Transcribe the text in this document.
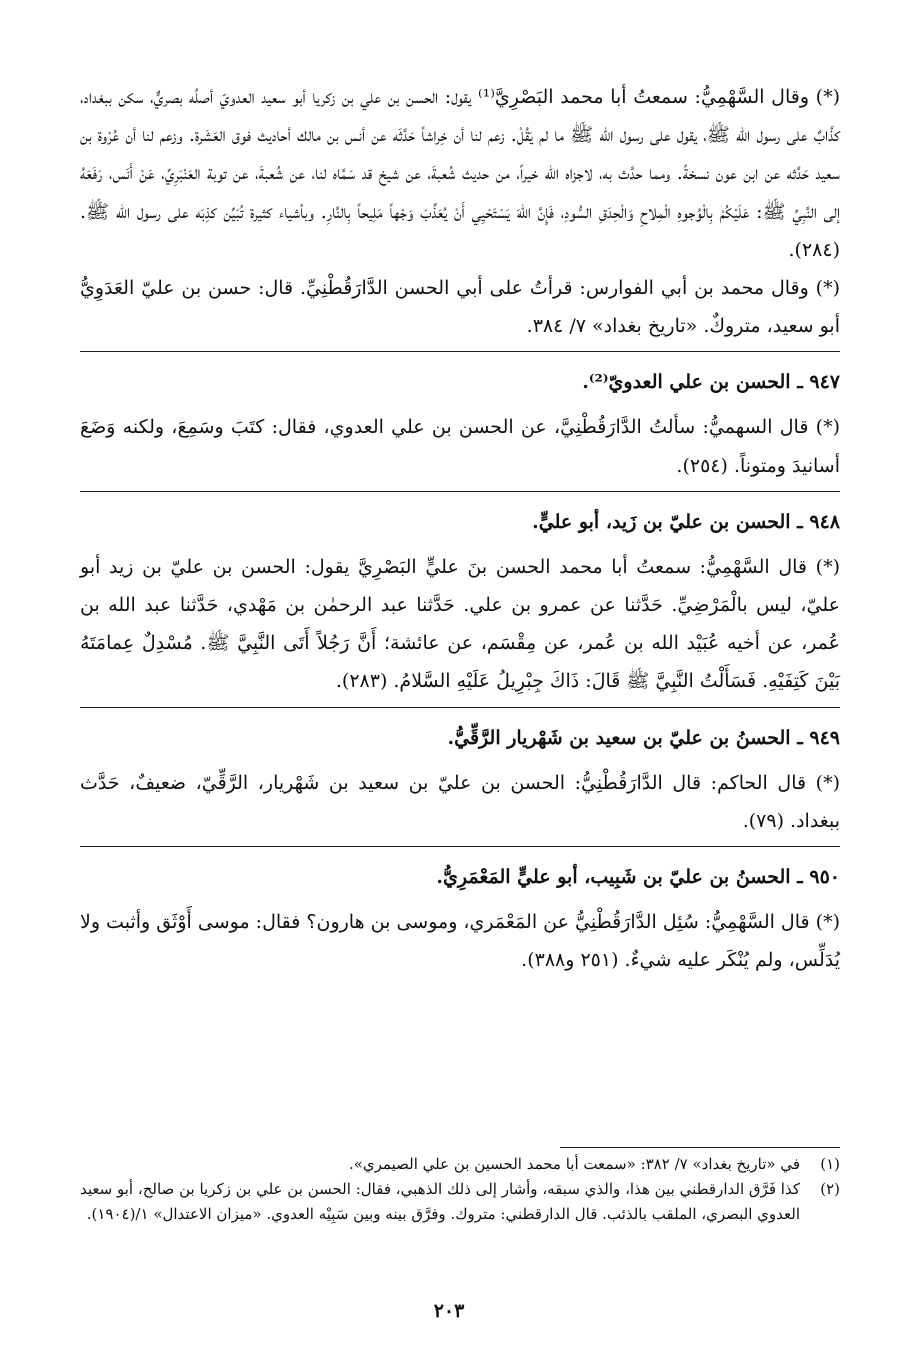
(*) وقال السَّهْمِيُّ: سمعتُ أبا محمد البَصْرِيَّ⁽¹⁾ يقول: الحسن بن علي بن زكريا أبو سعيد العدويّ أصلُه بصريٌّ، سكن ببغداد، كذَّابٌ على رسول الله ﷺ، يقول على رسول الله ﷺ ما لم يَقُلْ. زعم لنا أن خِراشاً حَدَّثَه عن أنس بن مالك أحاديث فوق العَشَرة. وزعم لنا أن عُرْوة بن سعيد حَدَّثه عن ابن عون نسخةً. ومما حدَّث به، لاجزاه الله خيراً، من حديث شُعبةَ، عن شيخ قد سَمَّاه لنا، عن شُعبةَ، عن توبة العَنْبَرِيِّ، عَنْ أَنَس، رَفَعَهُ إلى النَّبِيِّ ﷺ: عَلَيْكُمْ بِالْوُجوهِ الْمِلاحِ وَالْحِدَقِ السُّودِ، فَإِنَّ اللهَ يَسْتَحْيِي أَنْ يُعَذِّبَ وَجْهاً مَلِيحاً بِالنَّارِ. وبأشياء كثيرة تُبَيِّن كذِبَه على رسول الله ﷺ. (٢٨٤).

(*) وقال محمد بن أبي الفوارس: قرأتُ على أبي الحسن الدَّارَقُطْنِيِّ. قال: حسن بن عليّ العَدَوِيُّ أبو سعيد، متروكٌ. «تاريخ بغداد» ٧/ ٣٨٤.

٩٤٧ ـ الحسن بن علي العدويّ⁽²⁾.

(*) قال السهميُّ: سألتُ الدَّارَقُطْنِيَّ، عن الحسن بن علي العدوي، فقال: كتَبَ وسَمِعَ، ولكنه وَضَعَ أسانيدَ ومتوناً. (٢٥٤).

٩٤٨ ـ الحسن بن عليّ بن زَيد، أبو عليٍّ.

(*) قال السَّهْمِيُّ: سمعتُ أبا محمد الحسن بنَ عليٍّ البَصْرِيَّ يقول: الحسن بن عليّ بن زيد أبو عليّ، ليس بالْمَرْضِيِّ. حَدَّثنا عن عمرو بن علي. حَدَّثنا عبد الرحمٰن بن مَهْدي، حَدَّثنا عبد الله بن عُمر، عن أخيه عُبَيْد الله بن عُمر، عن مِقْسَم، عن عائشة؛ أَنَّ رَجُلاً أَتَى النَّبِيَّ ﷺ. مُسْدِلٌ عِمامَتَهُ بَيْنَ كَتِفَيْهِ. فَسَأَلْتُ النَّبِيَّ ﷺ قَالَ: ذَاكَ جِبْرِيلُ عَلَيْهِ السَّلامُ. (٢٨٣).

٩٤٩ ـ الحسنُ بن عليّ بن سعيد بن شَهْريار الرَّقِّيُّ.

(*) قال الحاكم: قال الدَّارَقُطْنِيُّ: الحسن بن عليّ بن سعيد بن شَهْريار، الرَّقِّيّ، ضعيفٌ، حَدَّث ببغداد. (٧٩).

٩٥٠ ـ الحسنُ بن عليّ بن شَبِيب، أبو عليٍّ المَعْمَرِيُّ.

(*) قال السَّهْمِيُّ: سُئِل الدَّارَقُطْنِيُّ عن المَعْمَري، وموسى بن هارون؟ فقال: موسى أَوْثَق وأثبت ولا يُدَلِّس، ولم يُنْكَر عليه شيءٌ. (٢٥١ و٣٨٨).

(١)
في «تاريخ بغداد» ٧/ ٣٨٢: «سمعت أبا محمد الحسين بن علي الصيمري».
(٢)
كذا فَرَّق الدارقطني بين هذا، والذي سبقه، وأشار إلى ذلك الذهبي، فقال: الحسن بن علي بن زكريا بن صالح، أبو سعيد العدوي البصري، الملقب بالذئب. قال الدارقطني: متروك. وفرَّق بينه وبين سَبِيْه العدوي. «ميزان الاعتدال» ١/(١٩٠٤).
٢٠٣
